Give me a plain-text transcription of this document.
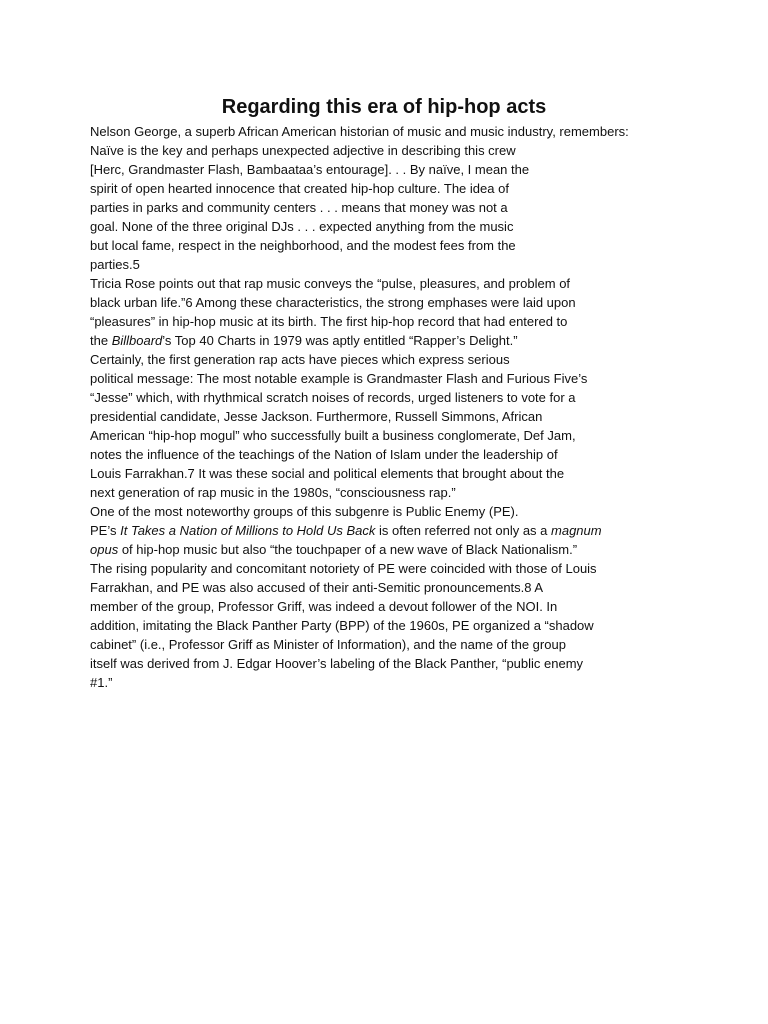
Regarding this era of hip-hop acts
Nelson George, a superb African American historian of music and music industry, remembers:
Naïve is the key and perhaps unexpected adjective in describing this crew
[Herc, Grandmaster Flash, Bambaataa’s entourage]. . . By naïve, I mean the
spirit of open hearted innocence that created hip-hop culture. The idea of
parties in parks and community centers . . . means that money was not a
goal. None of the three original DJs . . . expected anything from the music
but local fame, respect in the neighborhood, and the modest fees from the
parties.5
Tricia Rose points out that rap music conveys the “pulse, pleasures, and problem of
black urban life.”6 Among these characteristics, the strong emphases were laid upon
“pleasures” in hip-hop music at its birth. The first hip-hop record that had entered to
the Billboard’s Top 40 Charts in 1979 was aptly entitled “Rapper’s Delight.”
Certainly, the first generation rap acts have pieces which express serious
political message: The most notable example is Grandmaster Flash and Furious Five’s
“Jesse” which, with rhythmical scratch noises of records, urged listeners to vote for a
presidential candidate, Jesse Jackson. Furthermore, Russell Simmons, African
American “hip-hop mogul” who successfully built a business conglomerate, Def Jam,
notes the influence of the teachings of the Nation of Islam under the leadership of
Louis Farrakhan.7 It was these social and political elements that brought about the
next generation of rap music in the 1980s, “consciousness rap.”
One of the most noteworthy groups of this subgenre is Public Enemy (PE).
PE’s It Takes a Nation of Millions to Hold Us Back is often referred not only as a magnum
opus of hip-hop music but also “the touchpaper of a new wave of Black Nationalism.”
The rising popularity and concomitant notoriety of PE were coincided with those of Louis
Farrakhan, and PE was also accused of their anti-Semitic pronouncements.8 A
member of the group, Professor Griff, was indeed a devout follower of the NOI. In
addition, imitating the Black Panther Party (BPP) of the 1960s, PE organized a “shadow
cabinet” (i.e., Professor Griff as Minister of Information), and the name of the group
itself was derived from J. Edgar Hoover’s labeling of the Black Panther, “public enemy
#1.”
